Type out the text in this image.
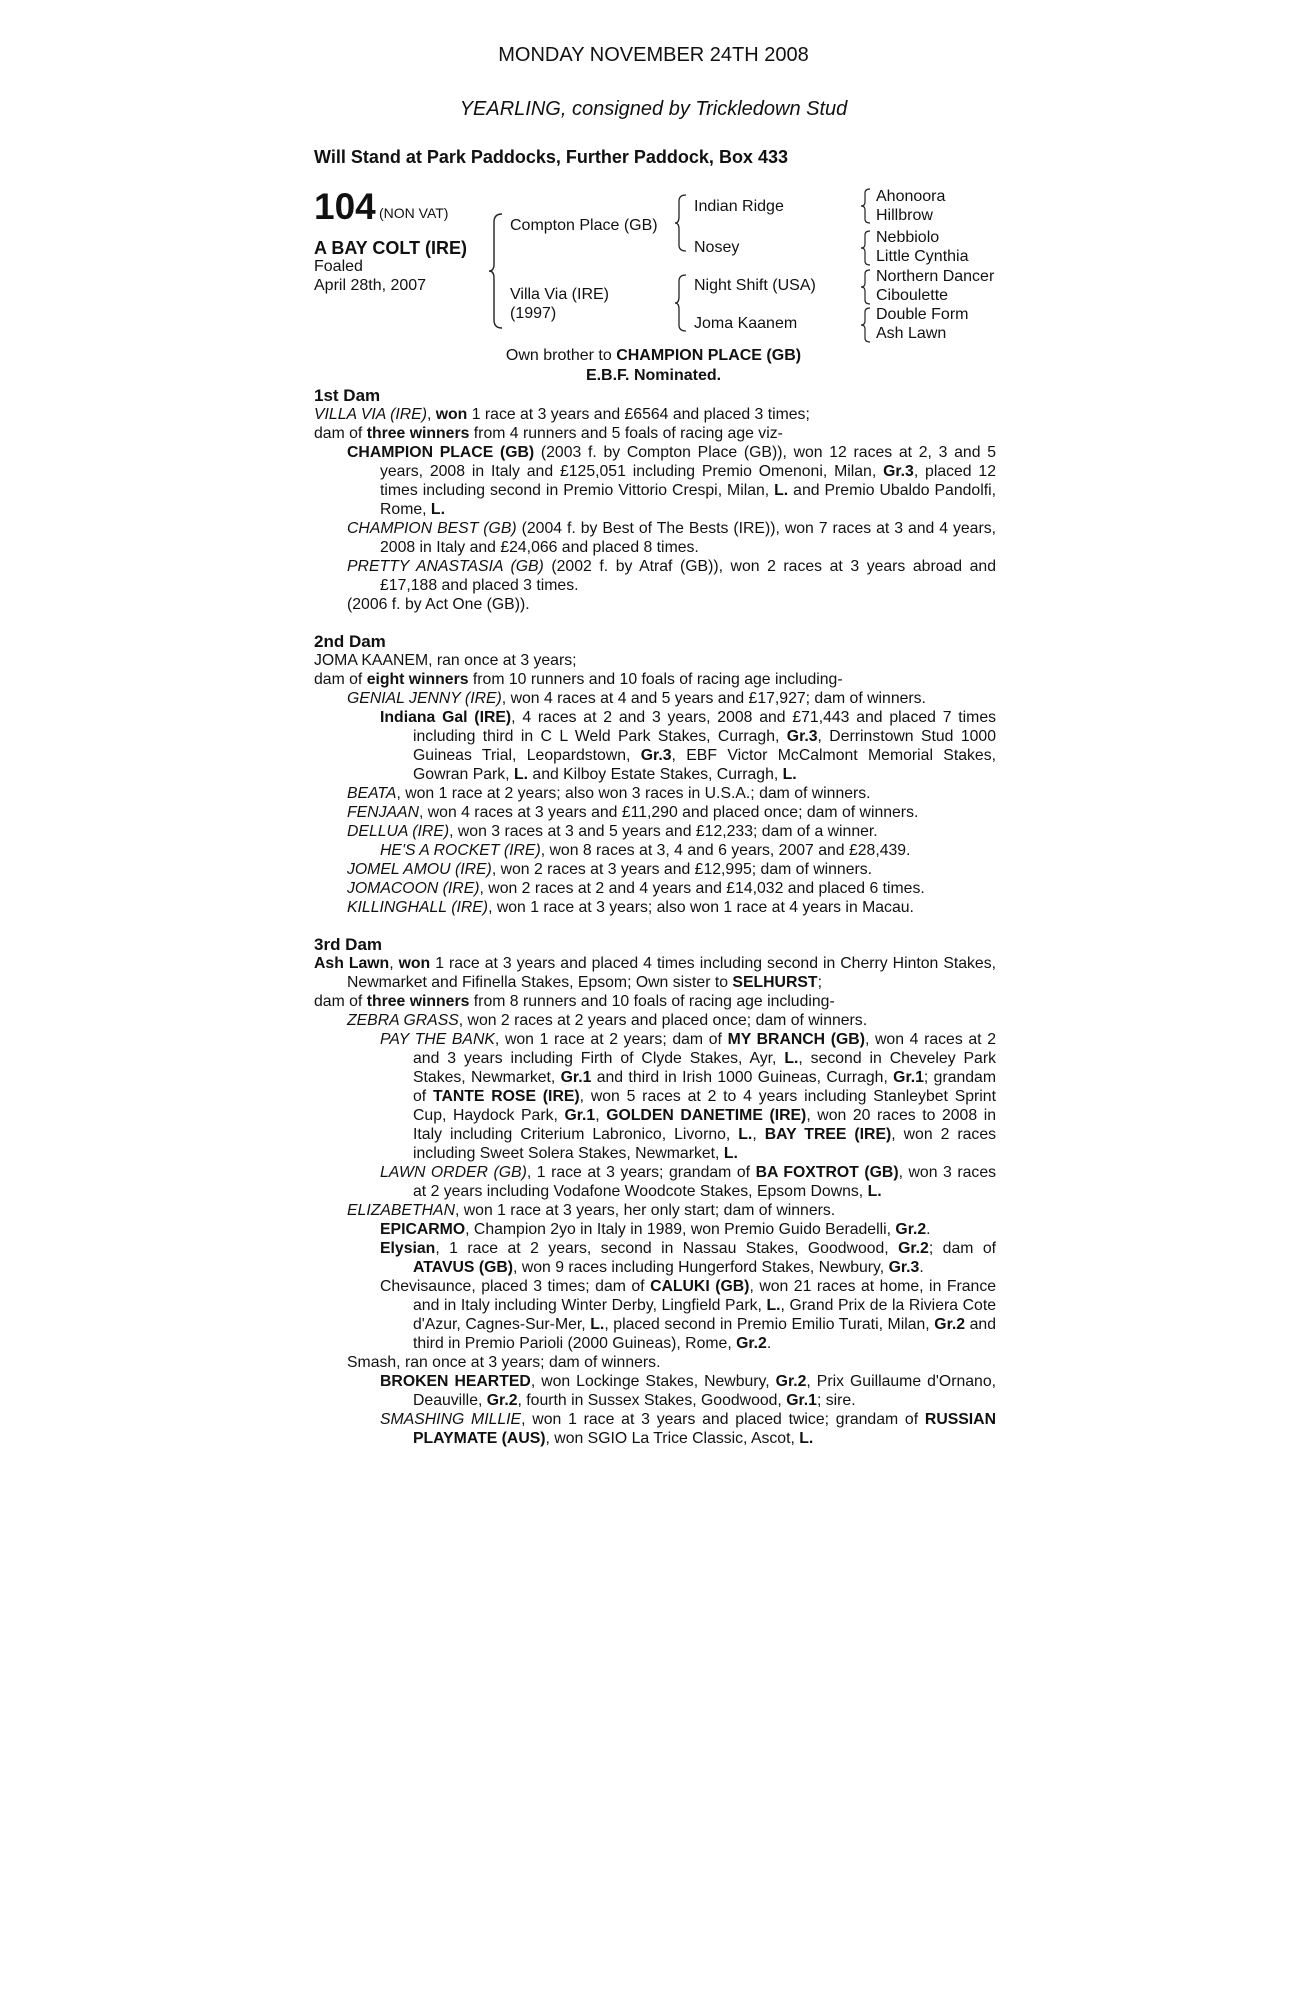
MONDAY NOVEMBER 24TH 2008
YEARLING, consigned by Trickledown Stud
Will Stand at Park Paddocks, Further Paddock, Box 433
104 (NON VAT)
A BAY COLT (IRE)
Foaled
April 28th, 2007
Compton Place (GB)
Villa Via (IRE)
(1997)
Indian Ridge
Nosey
Night Shift (USA)
Joma Kaanem
Ahonoora
Hillbrow
Nebbiolo
Little Cynthia
Northern Dancer
Ciboulette
Double Form
Ash Lawn
Own brother to CHAMPION PLACE (GB)
E.B.F. Nominated.
1st Dam
VILLA VIA (IRE), won 1 race at 3 years and £6564 and placed 3 times;
dam of three winners from 4 runners and 5 foals of racing age viz-
CHAMPION PLACE (GB) (2003 f. by Compton Place (GB)), won 12 races at 2, 3 and 5 years, 2008 in Italy and £125,051 including Premio Omenoni, Milan, Gr.3, placed 12 times including second in Premio Vittorio Crespi, Milan, L. and Premio Ubaldo Pandolfi, Rome, L.
CHAMPION BEST (GB) (2004 f. by Best of The Bests (IRE)), won 7 races at 3 and 4 years, 2008 in Italy and £24,066 and placed 8 times.
PRETTY ANASTASIA (GB) (2002 f. by Atraf (GB)), won 2 races at 3 years abroad and £17,188 and placed 3 times.
(2006 f. by Act One (GB)).
2nd Dam
JOMA KAANEM, ran once at 3 years;
dam of eight winners from 10 runners and 10 foals of racing age including-
GENIAL JENNY (IRE), won 4 races at 4 and 5 years and £17,927; dam of winners.
Indiana Gal (IRE), 4 races at 2 and 3 years, 2008 and £71,443 and placed 7 times including third in C L Weld Park Stakes, Curragh, Gr.3, Derrinstown Stud 1000 Guineas Trial, Leopardstown, Gr.3, EBF Victor McCalmont Memorial Stakes, Gowran Park, L. and Kilboy Estate Stakes, Curragh, L.
BEATA, won 1 race at 2 years; also won 3 races in U.S.A.; dam of winners.
FENJAAN, won 4 races at 3 years and £11,290 and placed once; dam of winners.
DELLUA (IRE), won 3 races at 3 and 5 years and £12,233; dam of a winner.
HE'S A ROCKET (IRE), won 8 races at 3, 4 and 6 years, 2007 and £28,439.
JOMEL AMOU (IRE), won 2 races at 3 years and £12,995; dam of winners.
JOMACOON (IRE), won 2 races at 2 and 4 years and £14,032 and placed 6 times.
KILLINGHALL (IRE), won 1 race at 3 years; also won 1 race at 4 years in Macau.
3rd Dam
Ash Lawn, won 1 race at 3 years and placed 4 times including second in Cherry Hinton Stakes, Newmarket and Fifinella Stakes, Epsom; Own sister to SELHURST;
dam of three winners from 8 runners and 10 foals of racing age including-
ZEBRA GRASS, won 2 races at 2 years and placed once; dam of winners.
PAY THE BANK, won 1 race at 2 years; dam of MY BRANCH (GB), won 4 races at 2 and 3 years including Firth of Clyde Stakes, Ayr, L., second in Cheveley Park Stakes, Newmarket, Gr.1 and third in Irish 1000 Guineas, Curragh, Gr.1; grandam of TANTE ROSE (IRE), won 5 races at 2 to 4 years including Stanleybet Sprint Cup, Haydock Park, Gr.1, GOLDEN DANETIME (IRE), won 20 races to 2008 in Italy including Criterium Labronico, Livorno, L., BAY TREE (IRE), won 2 races including Sweet Solera Stakes, Newmarket, L.
LAWN ORDER (GB), 1 race at 3 years; grandam of BA FOXTROT (GB), won 3 races at 2 years including Vodafone Woodcote Stakes, Epsom Downs, L.
ELIZABETHAN, won 1 race at 3 years, her only start; dam of winners.
EPICARMO, Champion 2yo in Italy in 1989, won Premio Guido Beradelli, Gr.2.
Elysian, 1 race at 2 years, second in Nassau Stakes, Goodwood, Gr.2; dam of ATAVUS (GB), won 9 races including Hungerford Stakes, Newbury, Gr.3.
Chevisaunce, placed 3 times; dam of CALUKI (GB), won 21 races at home, in France and in Italy including Winter Derby, Lingfield Park, L., Grand Prix de la Riviera Cote d'Azur, Cagnes-Sur-Mer, L., placed second in Premio Emilio Turati, Milan, Gr.2 and third in Premio Parioli (2000 Guineas), Rome, Gr.2.
Smash, ran once at 3 years; dam of winners.
BROKEN HEARTED, won Lockinge Stakes, Newbury, Gr.2, Prix Guillaume d'Ornano, Deauville, Gr.2, fourth in Sussex Stakes, Goodwood, Gr.1; sire.
SMASHING MILLIE, won 1 race at 3 years and placed twice; grandam of RUSSIAN PLAYMATE (AUS), won SGIO La Trice Classic, Ascot, L.
